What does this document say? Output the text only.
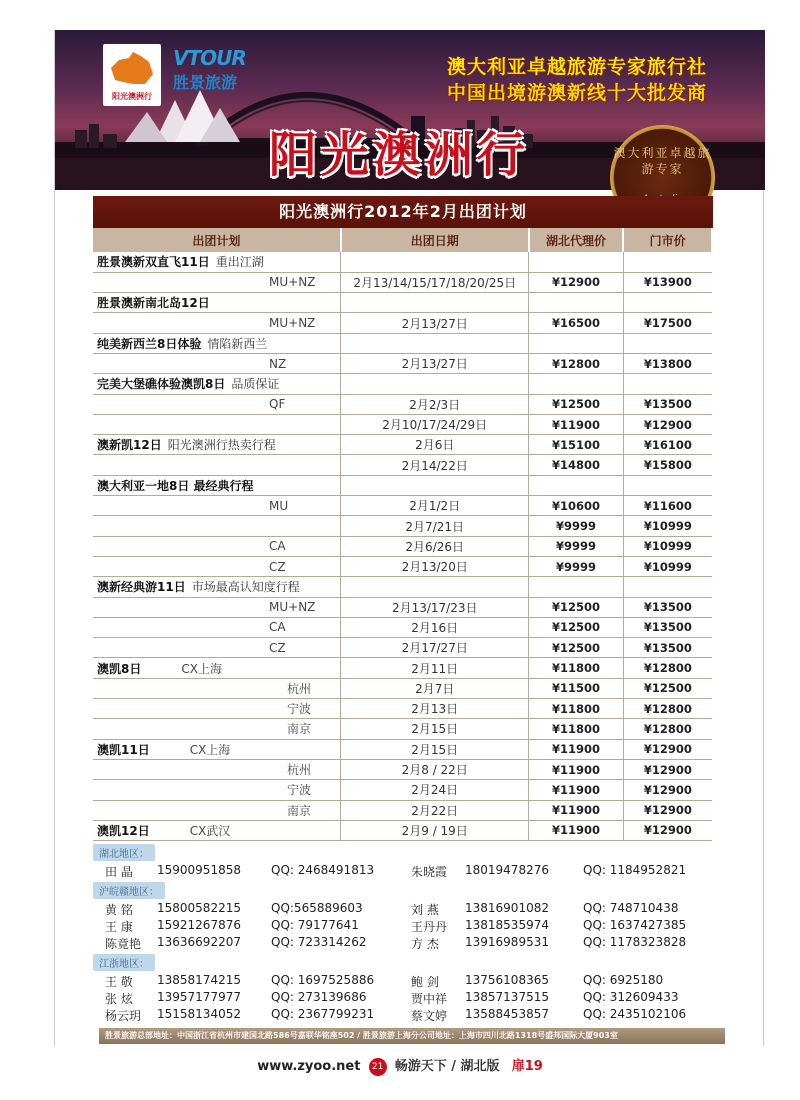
阳光澳洲行
VTOUR
胜景旅游
澳大利亚卓越旅游专家旅行社
中国出境游澳新线十大批发商
阳光澳洲行	澳大利亚卓越旅游专家
阳光澳洲行2012年2月出团计划
出团计划	出团日期	湖北代理价	门市价
胜景澳新双直飞11日 重出江湖			
MU+NZ	2月13/14/15/17/18/20/25日	¥12900	¥13900
胜景澳新南北岛12日			
MU+NZ	2月13/27日	¥16500	¥17500
纯美新西兰8日体验 情陷新西兰			
NZ	2月13/27日	¥12800	¥13800
完美大堡礁体验澳凯8日 品质保证			
QF	2月2/3日	¥12500	¥13500
	2月10/17/24/29日	¥11900	¥12900
澳新凯12日 阳光澳洲行热卖行程	2月6日	¥15100	¥16100
	2月14/22日	¥14800	¥15800
澳大利亚一地8日 最经典行程			
MU	2月1/2日	¥10600	¥11600
	2月7/21日	¥9999	¥10999
CA	2月6/26日	¥9999	¥10999
CZ	2月13/20日	¥9999	¥10999
澳新经典游11日 市场最高认知度行程			
MU+NZ	2月13/17/23日	¥12500	¥13500
CA	2月16日	¥12500	¥13500
CZ	2月17/27日	¥12500	¥13500
澳凯8日 CX上海	2月11日	¥11800	¥12800
杭州	2月7日	¥11500	¥12500
宁波	2月13日	¥11800	¥12800
南京	2月15日	¥11800	¥12800
澳凯11日 CX上海	2月15日	¥11900	¥12900
杭州	2月8 / 22日	¥11900	¥12900
宁波	2月24日	¥11900	¥12900
南京	2月22日	¥11900	¥12900
澳凯12日 CX武汉	2月9 / 19日	¥11900	¥12900
湖北地区：
田 晶 15900951858	QQ: 2468491813	朱晓霞 18019478276	QQ: 1184952821
沪皖赣地区：
黄 铭 15800582215	QQ:565889603	刘 燕 13816901082	QQ: 748710438
王 康 15921267876	QQ: 79177641	王丹丹 13818535974	QQ: 1637427385
陈竟艳 13636692207	QQ: 723314262	方 杰 13916989531	QQ: 1178323828
江浙地区：
王 敬 13858174215	QQ: 1697525886	鲍 剑 13756108365	QQ: 6925180
张 炫 13957177977	QQ: 273139686	贾中祥 13857137515	QQ: 312609433
杨云玥 15158134052	QQ: 2367799231	蔡文婷 13588453857	QQ: 2435102106
胜景旅游总部地址：中国浙江省杭州市建国北路586号嘉联华铭座502 / 胜景旅游上海分公司地址：上海市四川北路1318号盛邦国际大厦903室
www.zyoo.net 21 畅游天下 / 湖北版 扉19
